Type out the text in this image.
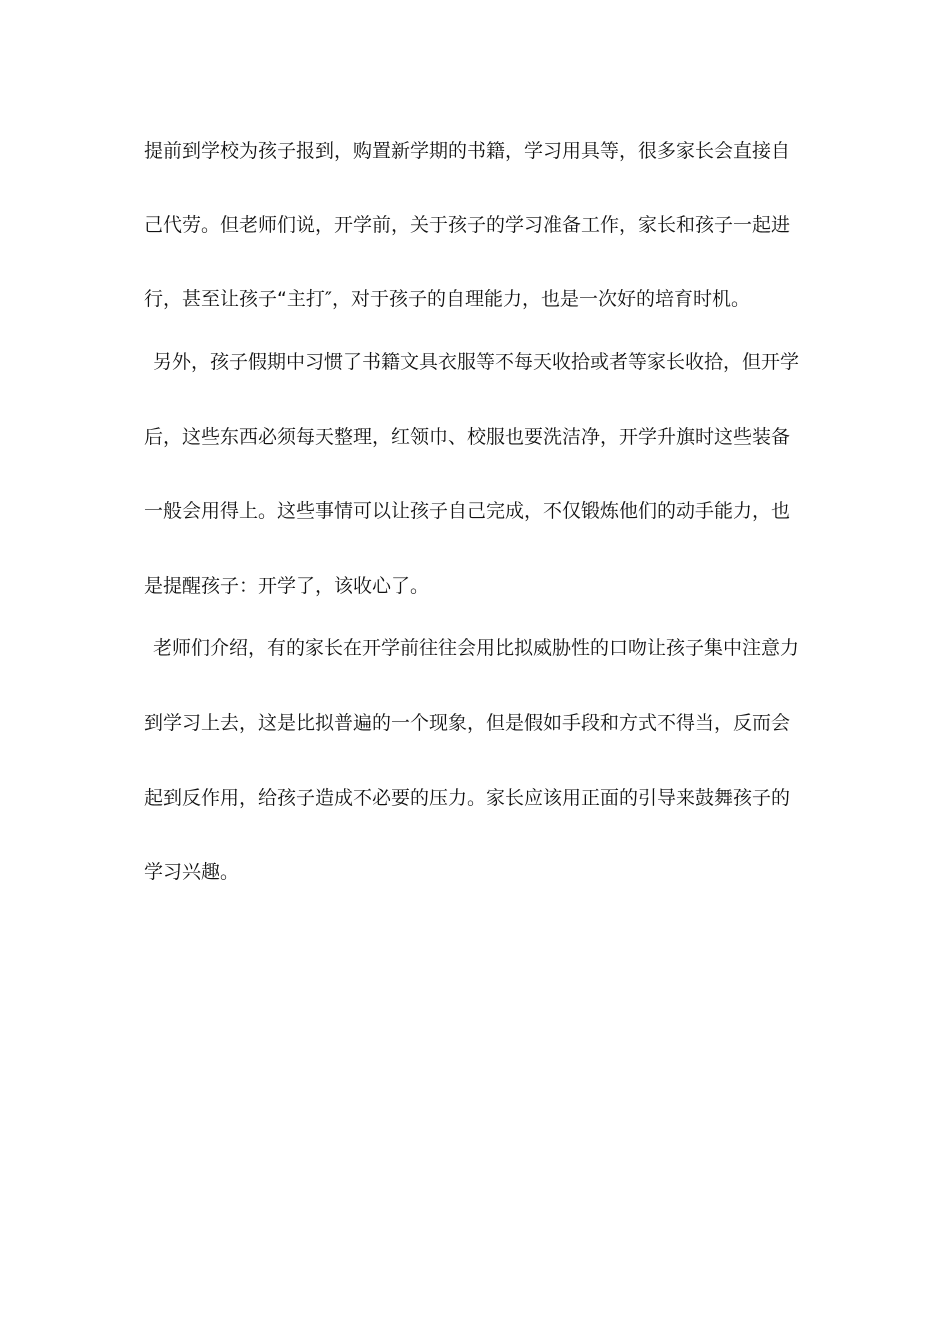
提前到学校为孩子报到，购置新学期的书籍，学习用具等，很多家长会直接自
己代劳。但老师们说，开学前，关于孩子的学习准备工作，家长和孩子一起进
行，甚至让孩子“主打″，对于孩子的自理能力，也是一次好的培育时机。
另外，孩子假期中习惯了书籍文具衣服等不每天收拾或者等家长收拾，但开学
后，这些东西必须每天整理，红领巾、校服也要洗洁净，开学升旗时这些装备
一般会用得上。这些事情可以让孩子自己完成，不仅锻炼他们的动手能力，也
是提醒孩子：开学了，该收心了。
老师们介绍，有的家长在开学前往往会用比拟威胁性的口吻让孩子集中注意力
到学习上去，这是比拟普遍的一个现象，但是假如手段和方式不得当，反而会
起到反作用，给孩子造成不必要的压力。家长应该用正面的引导来鼓舞孩子的
学习兴趣。
